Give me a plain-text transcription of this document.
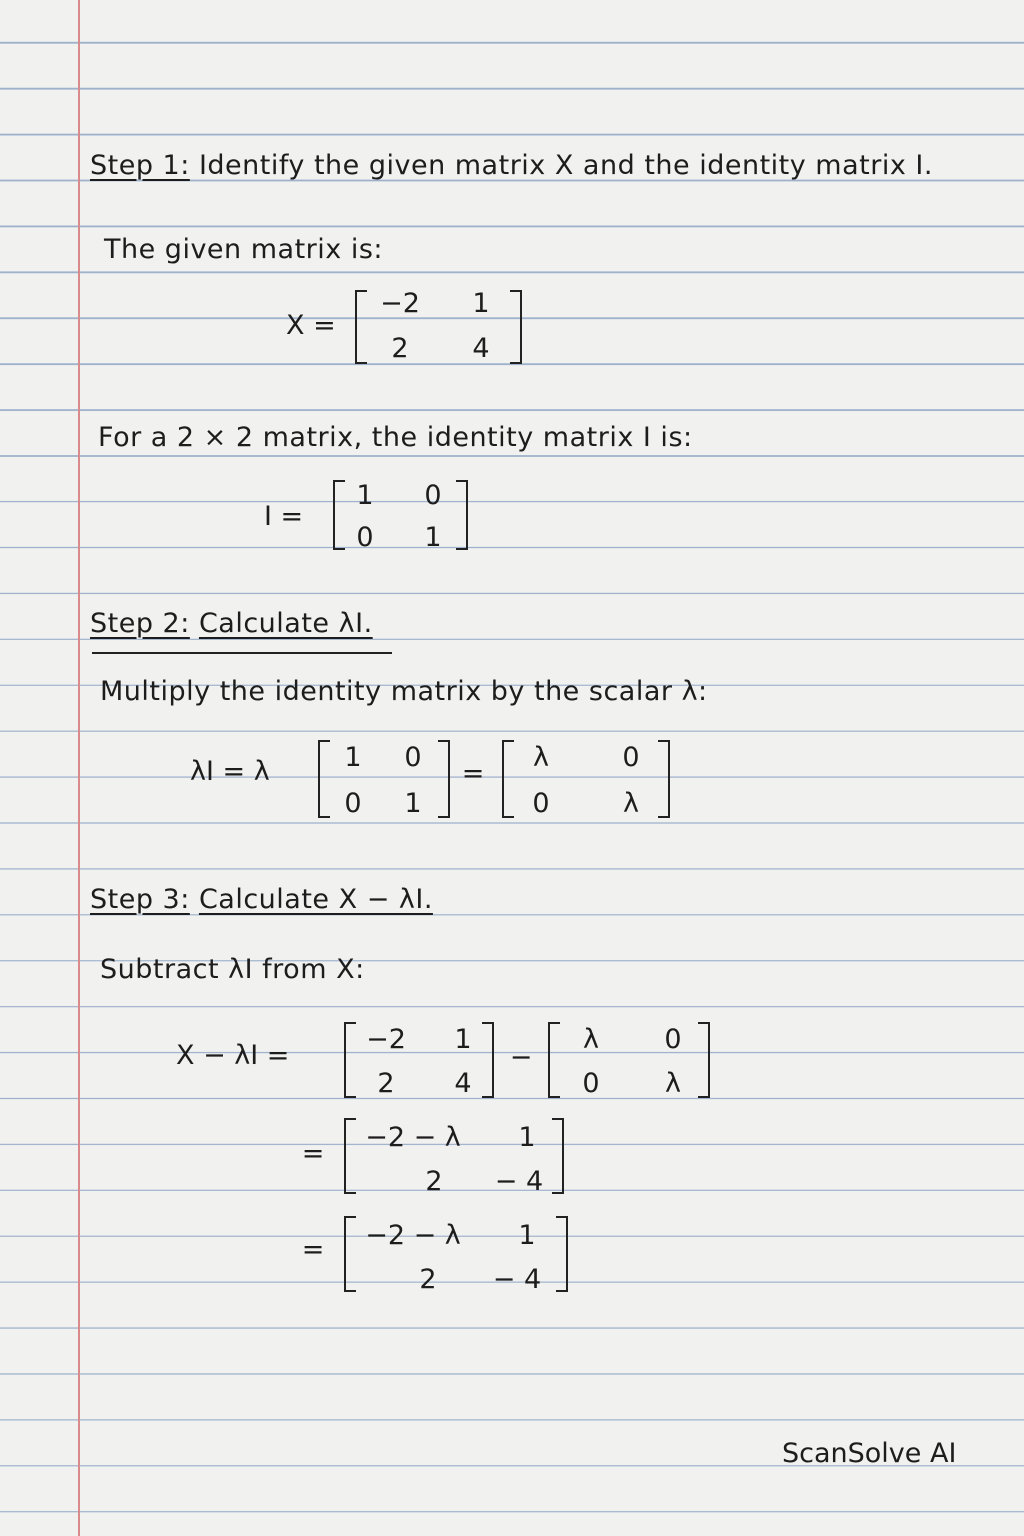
Step 1: Identify the given matrix X and the identity matrix I.
The given matrix is:
X =
−2	1
2	4
For a 2 × 2 matrix, the identity matrix I is:
I =
1	0
0	1
Step 2: Calculate λI.
Multiply the identity matrix by the scalar λ:
λI = λ	1	0
0	1
=
λ	0
0	λ
Step 3: Calculate X − λI.
Subtract λI from X:
X − λI =
−2	1
2	4
−
λ	0
0	λ
=
−2 − λ	1
2	− 4
= −2 − λ	1
2	− 4
ScanSolve AI
